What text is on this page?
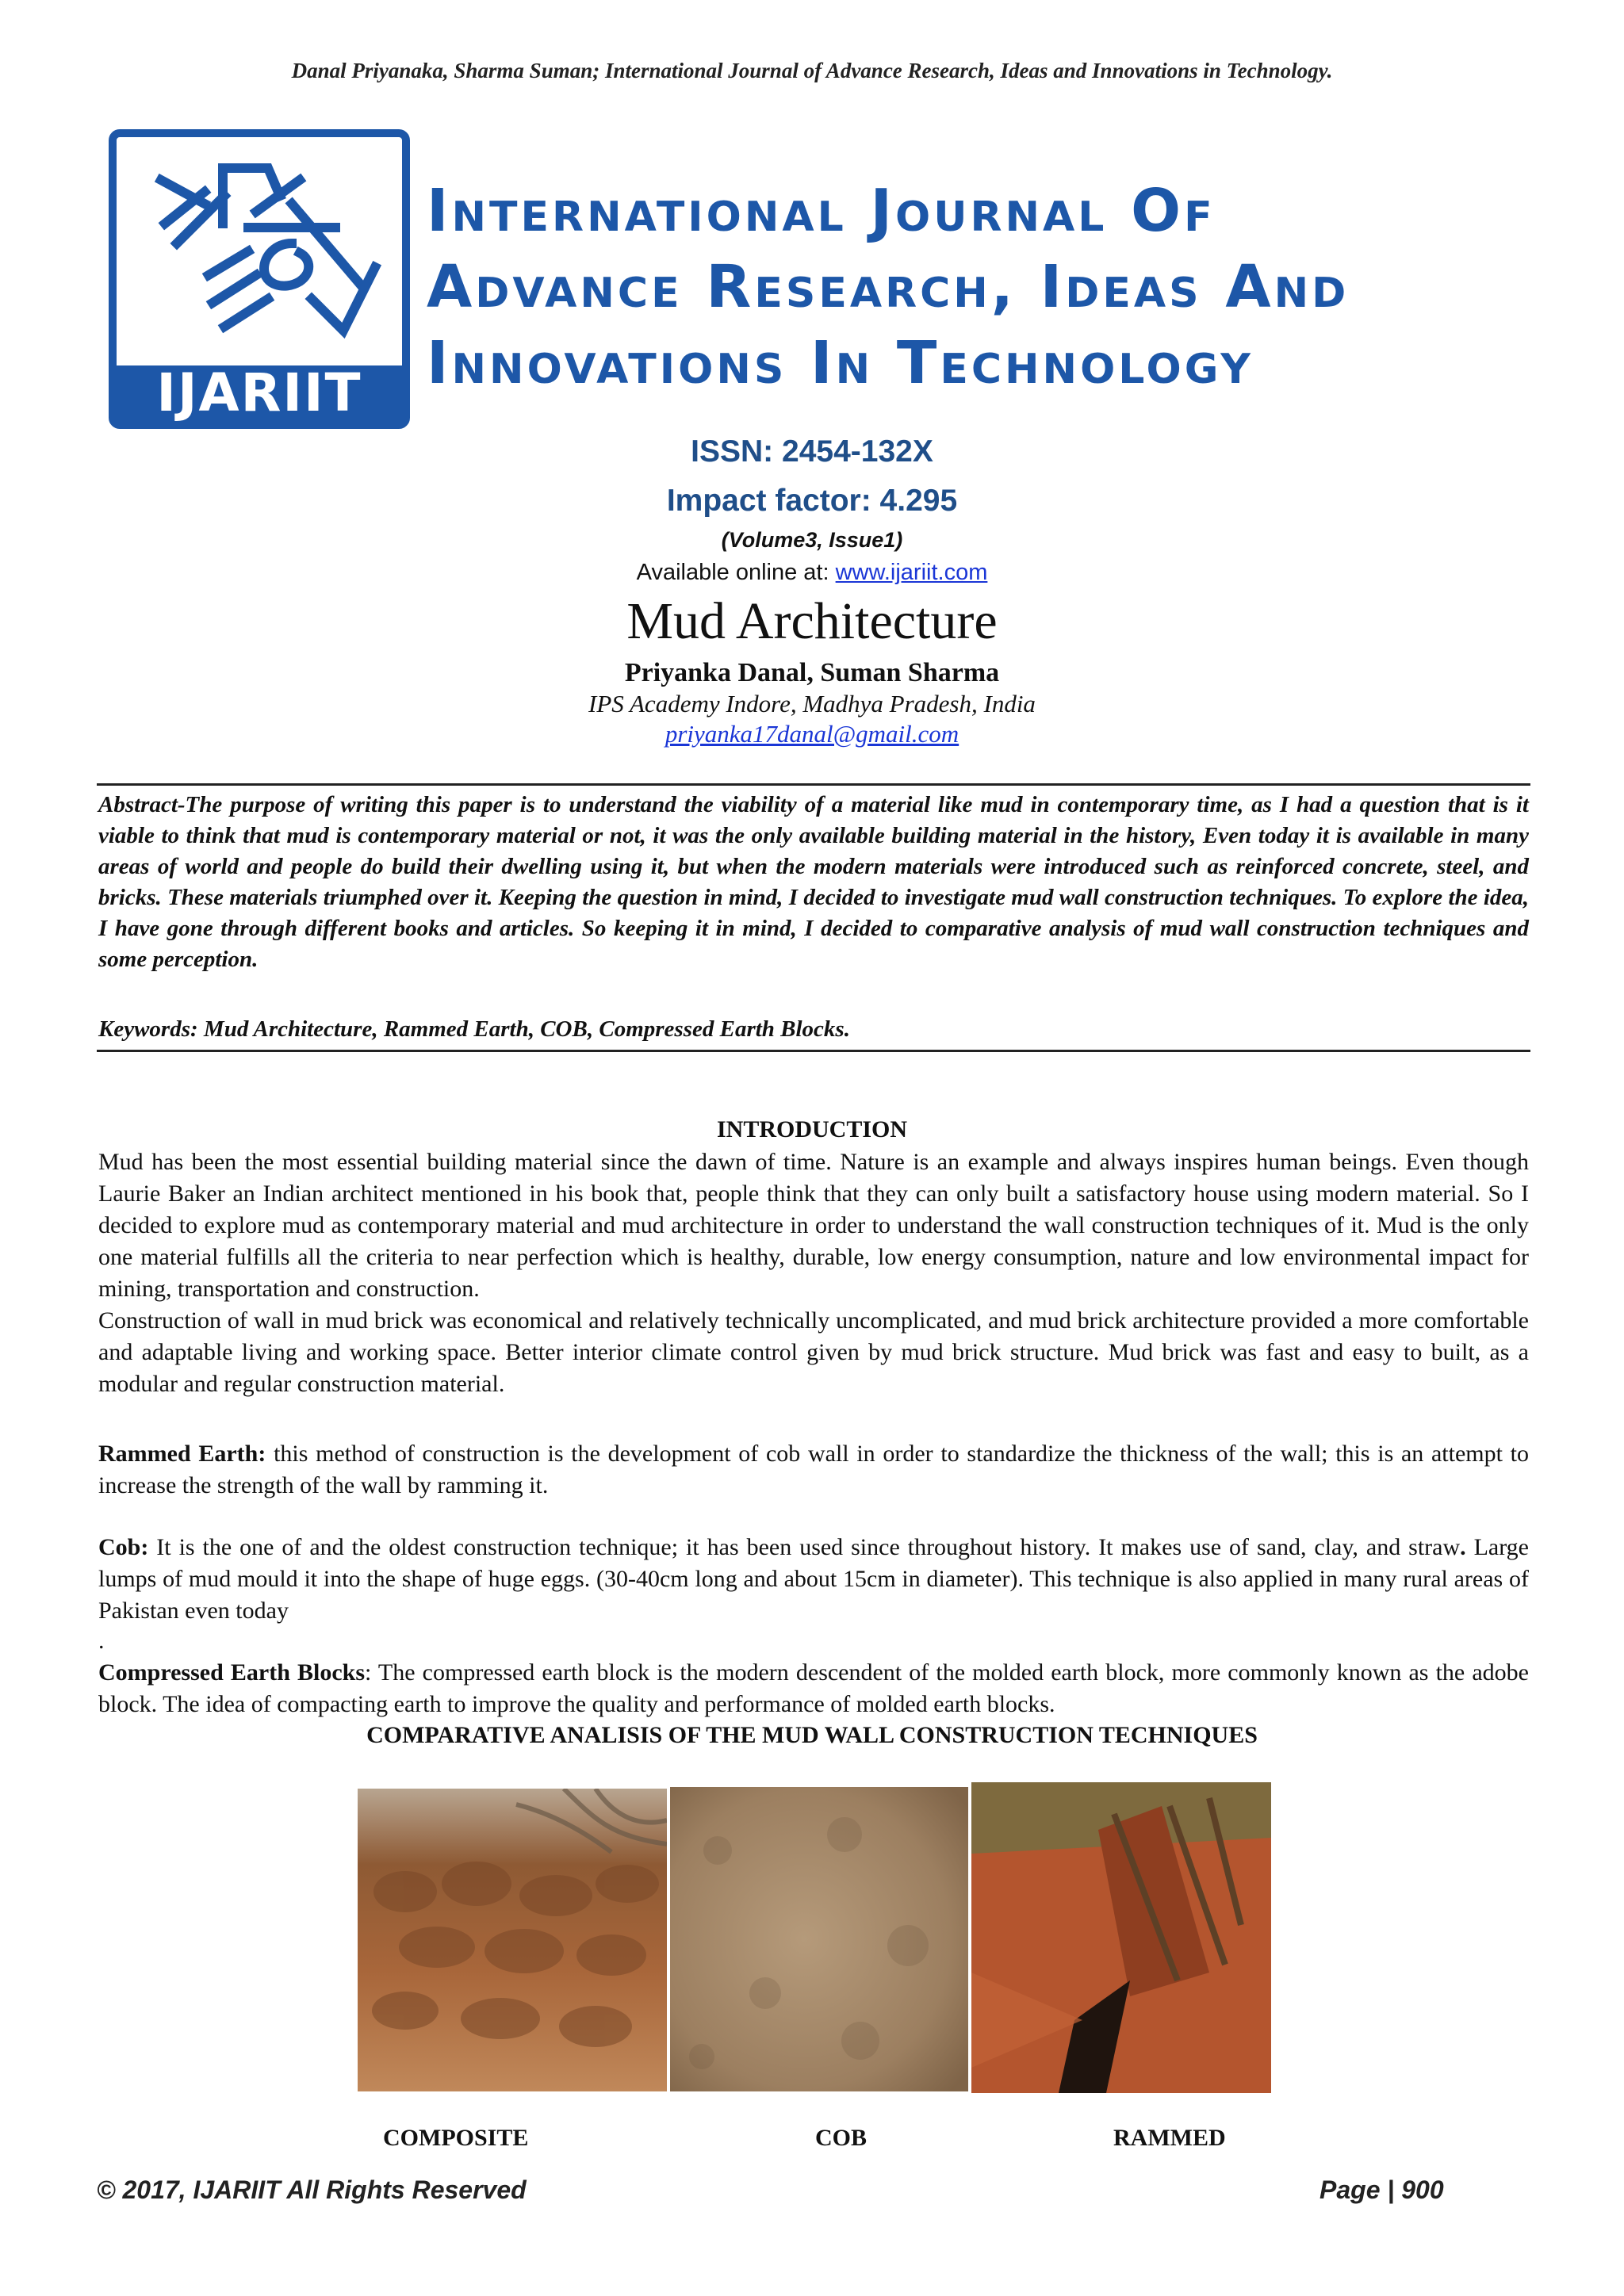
Danal Priyanaka, Sharma Suman; International Journal of Advance Research, Ideas and Innovations in Technology.
IJARIIT
International Journal Of
Advance Research, Ideas And
Innovations In Technology
ISSN: 2454-132X
Impact factor: 4.295
(Volume3, Issue1)
Available online at: www.ijariit.com
Mud Architecture
Priyanka Danal, Suman Sharma
IPS Academy Indore, Madhya Pradesh, India
priyanka17danal@gmail.com
Abstract-The purpose of writing this paper is to understand the viability of a material like mud in contemporary time, as I had a question that is it viable to think that mud is contemporary material or not, it was the only available building material in the history, Even today it is available in many areas of world and people do build their dwelling using it, but when the modern materials were introduced such as reinforced concrete, steel, and bricks. These materials triumphed over it. Keeping the question in mind, I decided to investigate mud wall construction techniques. To explore the idea, I have gone through different books and articles. So keeping it in mind, I decided to comparative analysis of mud wall construction techniques and some perception.
Keywords: Mud Architecture, Rammed Earth, COB, Compressed Earth Blocks.
INTRODUCTION
Mud has been the most essential building material since the dawn of time. Nature is an example and always inspires human beings. Even though Laurie Baker an Indian architect mentioned in his book that, people think that they can only built a satisfactory house using modern material. So I decided to explore mud as contemporary material and mud architecture in order to understand the wall construction techniques of it. Mud is the only one material fulfills all the criteria to near perfection which is healthy, durable, low energy consumption, nature and low environmental impact for mining, transportation and construction.
Construction of wall in mud brick was economical and relatively technically uncomplicated, and mud brick architecture provided a more comfortable and adaptable living and working space. Better interior climate control given by mud brick structure. Mud brick was fast and easy to built, as a modular and regular construction material.
Rammed Earth: this method of construction is the development of cob wall in order to standardize the thickness of the wall; this is an attempt to increase the strength of the wall by ramming it.
Cob: It is the one of and the oldest construction technique; it has been used since throughout history. It makes use of sand, clay, and straw. Large lumps of mud mould it into the shape of huge eggs. (30-40cm long and about 15cm in diameter). This technique is also applied in many rural areas of Pakistan even today
.
Compressed Earth Blocks: The compressed earth block is the modern descendent of the molded earth block, more commonly known as the adobe block. The idea of compacting earth to improve the quality and performance of molded earth blocks.
COMPARATIVE ANALISIS OF THE MUD WALL CONSTRUCTION TECHNIQUES
COMPOSITE	COB	RAMMED
© 2017, IJARIIT All Rights Reserved	Page | 900
